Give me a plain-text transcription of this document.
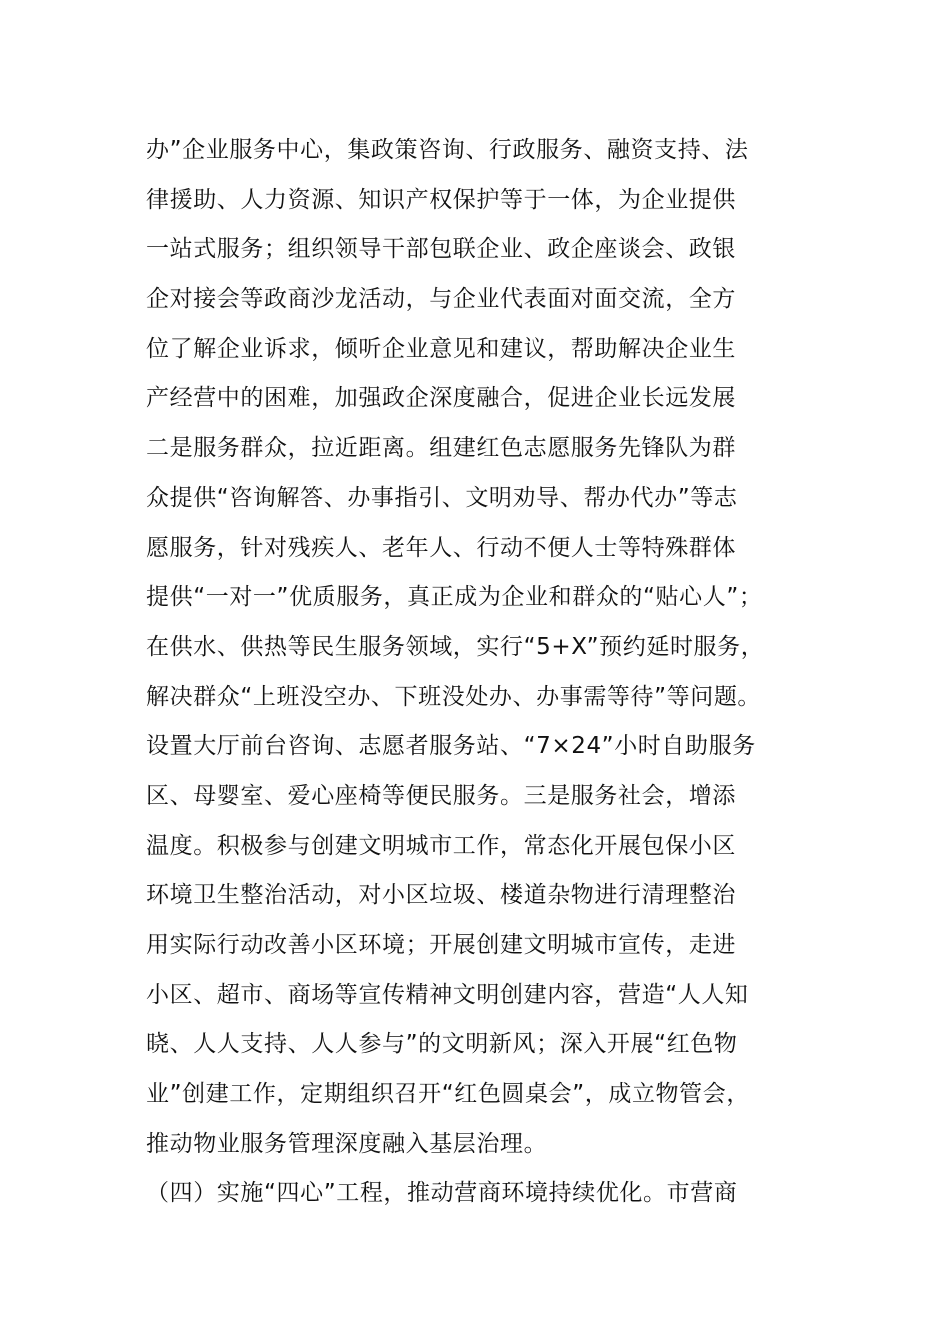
办”企业服务中心，集政策咨询、行政服务、融资支持、法

律援助、人力资源、知识产权保护等于一体，为企业提供

一站式服务；组织领导干部包联企业、政企座谈会、政银

企对接会等政商沙龙活动，与企业代表面对面交流，全方

位了解企业诉求，倾听企业意见和建议，帮助解决企业生

产经营中的困难，加强政企深度融合，促进企业长远发展

二是服务群众，拉近距离。组建红色志愿服务先锋队为群

众提供“咨询解答、办事指引、文明劝导、帮办代办”等志

愿服务，针对残疾人、老年人、行动不便人士等特殊群体

提供“一对一”优质服务，真正成为企业和群众的“贴心人”；

在供水、供热等民生服务领域，实行“5+X”预约延时服务，

解决群众“上班没空办、下班没处办、办事需等待”等问题。

设置大厅前台咨询、志愿者服务站、“7×24”小时自助服务

区、母婴室、爱心座椅等便民服务。三是服务社会，增添

温度。积极参与创建文明城市工作，常态化开展包保小区

环境卫生整治活动，对小区垃圾、楼道杂物进行清理整治

用实际行动改善小区环境；开展创建文明城市宣传，走进

小区、超市、商场等宣传精神文明创建内容，营造“人人知

晓、人人支持、人人参与”的文明新风；深入开展“红色物

业”创建工作，定期组织召开“红色圆桌会”，成立物管会，

推动物业服务管理深度融入基层治理。

（四）实施“四心”工程，推动营商环境持续优化。市营商
